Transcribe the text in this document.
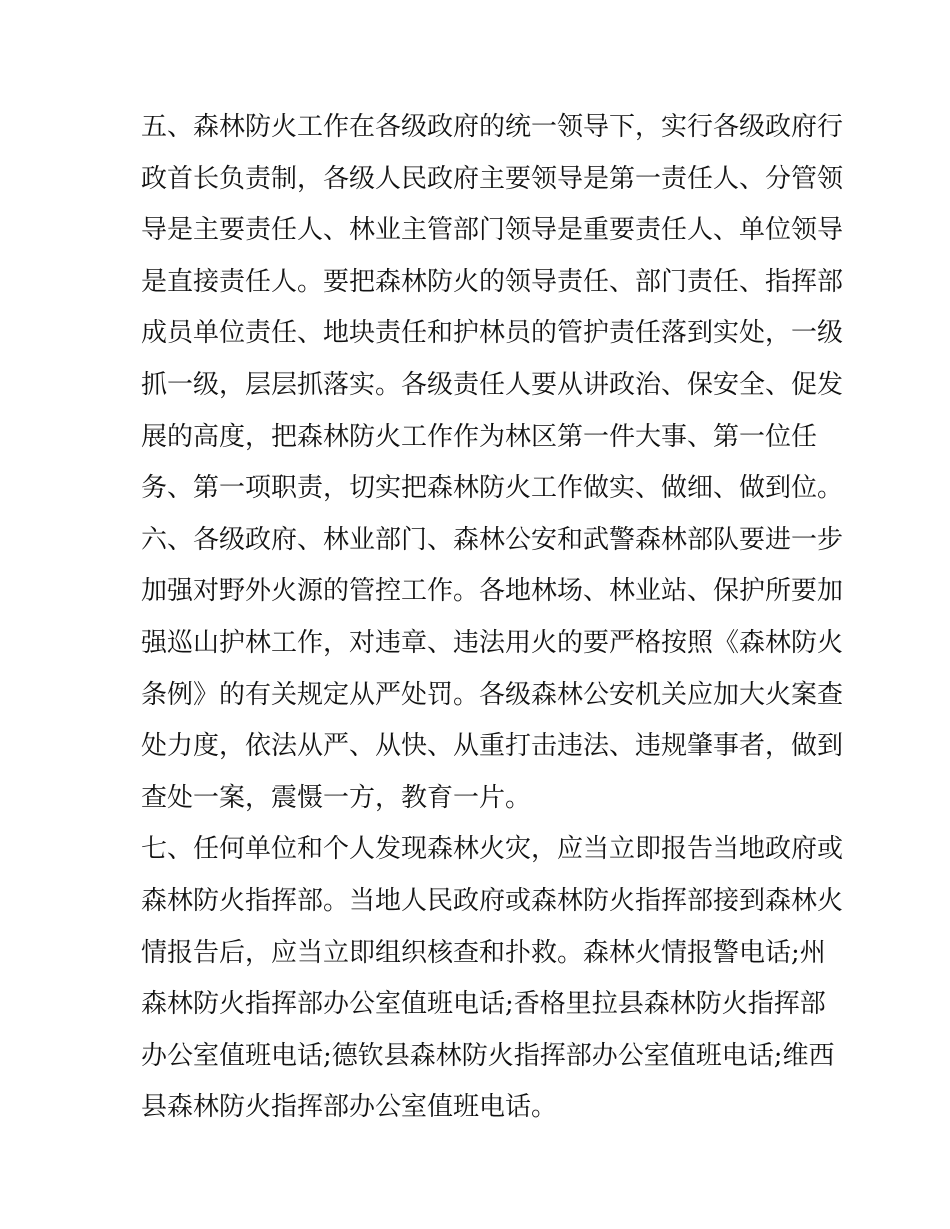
五、森林防火工作在各级政府的统一领导下，实行各级政府行
政首长负责制，各级人民政府主要领导是第一责任人、分管领
导是主要责任人、林业主管部门领导是重要责任人、单位领导
是直接责任人。要把森林防火的领导责任、部门责任、指挥部
成员单位责任、地块责任和护林员的管护责任落到实处，一级
抓一级，层层抓落实。各级责任人要从讲政治、保安全、促发
展的高度，把森林防火工作作为林区第一件大事、第一位任
务、第一项职责，切实把森林防火工作做实、做细、做到位。
六、各级政府、林业部门、森林公安和武警森林部队要进一步
加强对野外火源的管控工作。各地林场、林业站、保护所要加
强巡山护林工作，对违章、违法用火的要严格按照《森林防火
条例》的有关规定从严处罚。各级森林公安机关应加大火案查
处力度，依法从严、从快、从重打击违法、违规肇事者，做到
查处一案，震慑一方，教育一片。
七、任何单位和个人发现森林火灾，应当立即报告当地政府或
森林防火指挥部。当地人民政府或森林防火指挥部接到森林火
情报告后，应当立即组织核查和扑救。森林火情报警电话;州
森林防火指挥部办公室值班电话;香格里拉县森林防火指挥部
办公室值班电话;德钦县森林防火指挥部办公室值班电话;维西
县森林防火指挥部办公室值班电话。
